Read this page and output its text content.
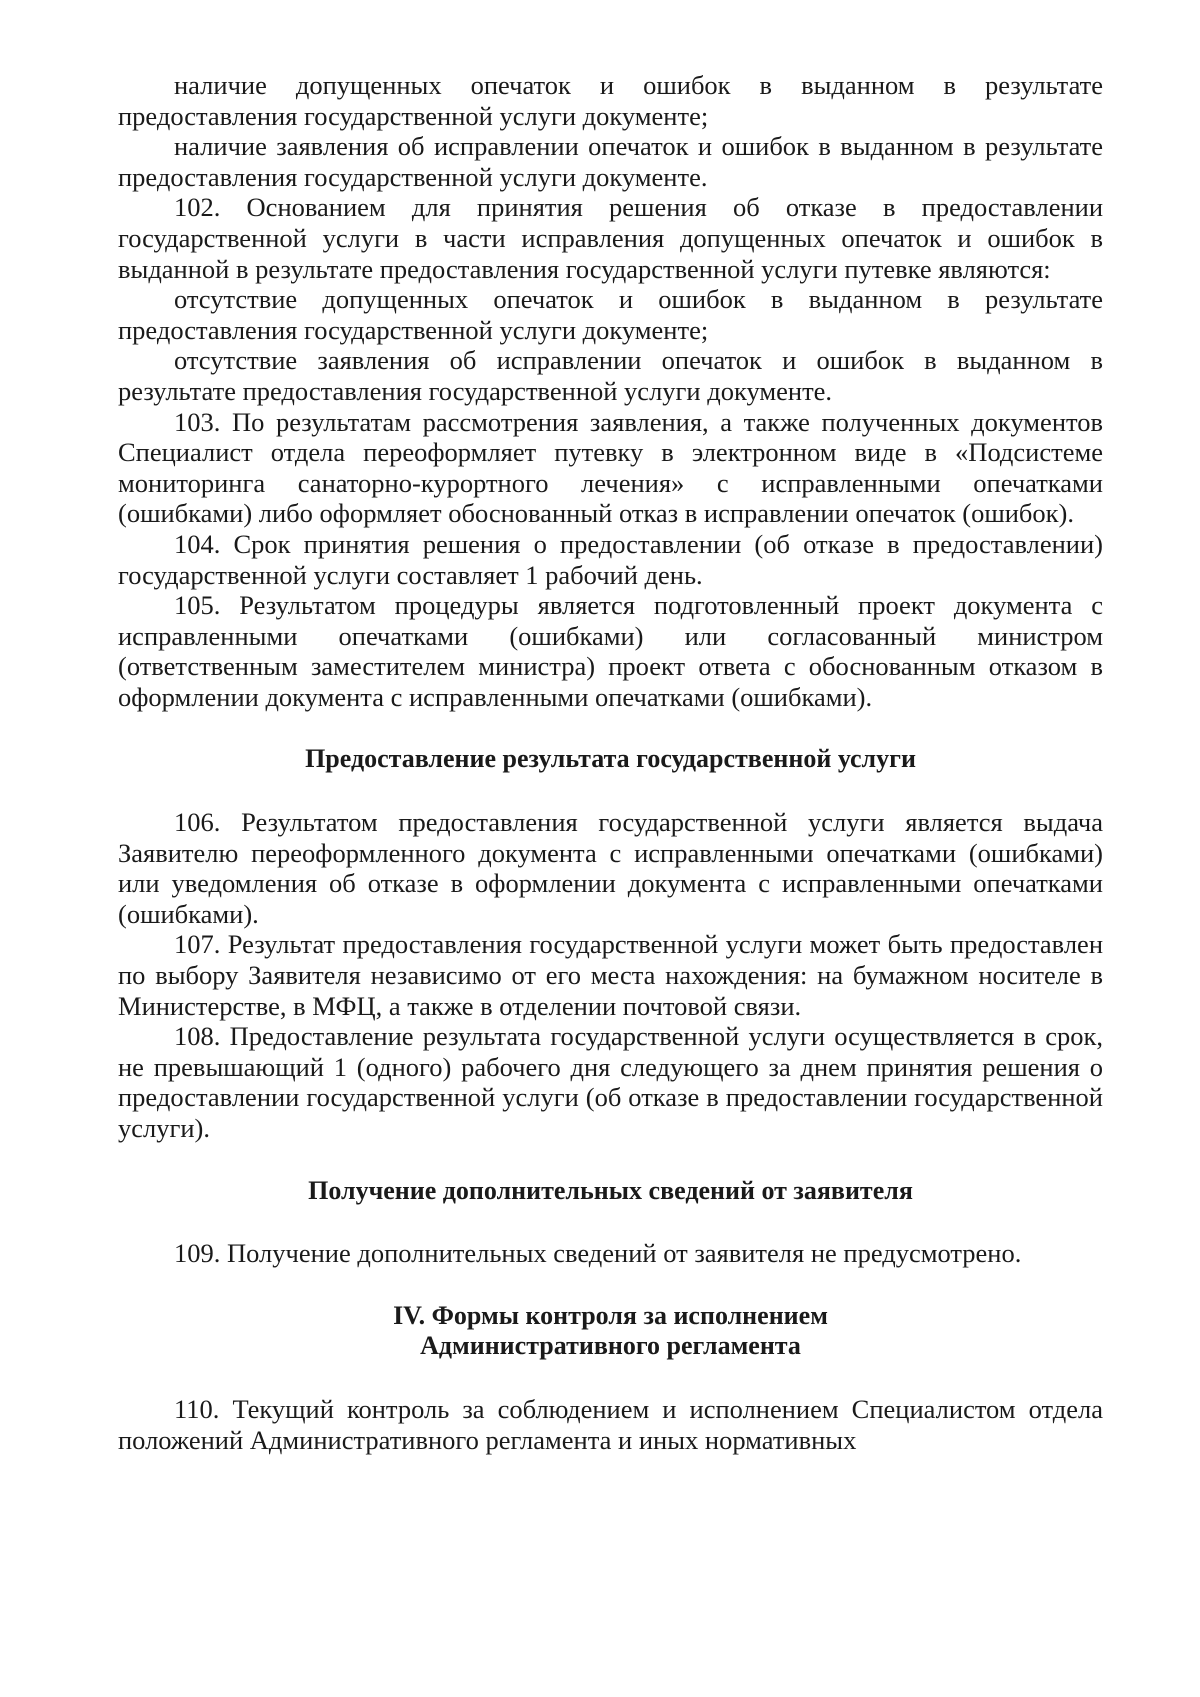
наличие допущенных опечаток и ошибок в выданном в результате предоставления государственной услуги документе;

наличие заявления об исправлении опечаток и ошибок в выданном в результате предоставления государственной услуги документе.

102. Основанием для принятия решения об отказе в предоставлении государственной услуги в части исправления допущенных опечаток и ошибок в выданной в результате предоставления государственной услуги путевке являются:

отсутствие допущенных опечаток и ошибок в выданном в результате предоставления государственной услуги документе;

отсутствие заявления об исправлении опечаток и ошибок в выданном в результате предоставления государственной услуги документе.

103. По результатам рассмотрения заявления, а также полученных документов Специалист отдела переоформляет путевку в электронном виде в «Подсистеме мониторинга санаторно-курортного лечения» с исправленными опечатками (ошибками) либо оформляет обоснованный отказ в исправлении опечаток (ошибок).

104. Срок принятия решения о предоставлении (об отказе в предоставлении) государственной услуги составляет 1 рабочий день.

105. Результатом процедуры является подготовленный проект документа с исправленными опечатками (ошибками) или согласованный министром (ответственным заместителем министра) проект ответа с обоснованным отказом в оформлении документа с исправленными опечатками (ошибками).

Предоставление результата государственной услуги

106. Результатом предоставления государственной услуги является выдача Заявителю переоформленного документа с исправленными опечатками (ошибками) или уведомления об отказе в оформлении документа с исправленными опечатками (ошибками).

107. Результат предоставления государственной услуги может быть предоставлен по выбору Заявителя независимо от его места нахождения: на бумажном носителе в Министерстве, в МФЦ, а также в отделении почтовой связи.

108. Предоставление результата государственной услуги осуществляется в срок, не превышающий 1 (одного) рабочего дня следующего за днем принятия решения о предоставлении государственной услуги (об отказе в предоставлении государственной услуги).

Получение дополнительных сведений от заявителя

109. Получение дополнительных сведений от заявителя не предусмотрено.

IV. Формы контроля за исполнением

Административного регламента

110. Текущий контроль за соблюдением и исполнением Специалистом отдела положений Административного регламента и иных нормативных
